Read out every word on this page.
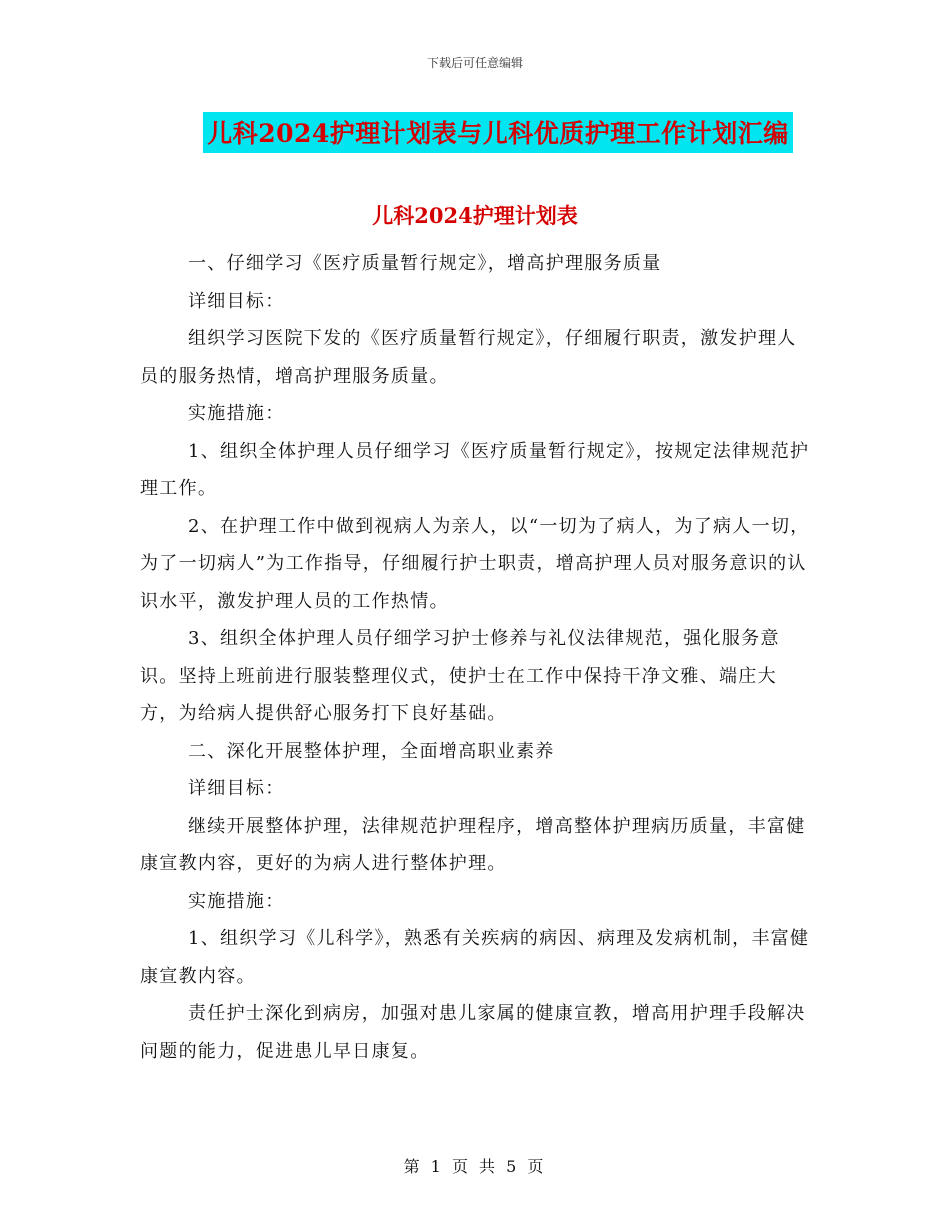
下载后可任意编辑
儿科2024护理计划表与儿科优质护理工作计划汇编
儿科2024护理计划表

一、仔细学习《医疗质量暂行规定》，增高护理服务质量

详细目标：

组织学习医院下发的《医疗质量暂行规定》，仔细履行职责，激发护理人员的服务热情，增高护理服务质量。

实施措施：

1、组织全体护理人员仔细学习《医疗质量暂行规定》，按规定法律规范护理工作。

2、在护理工作中做到视病人为亲人，以“一切为了病人，为了病人一切，为了一切病人”为工作指导，仔细履行护士职责，增高护理人员对服务意识的认识水平，激发护理人员的工作热情。

3、组织全体护理人员仔细学习护士修养与礼仪法律规范，强化服务意识。坚持上班前进行服装整理仪式，使护士在工作中保持干净文雅、端庄大方，为给病人提供舒心服务打下良好基础。

二、深化开展整体护理，全面增高职业素养

详细目标：

继续开展整体护理，法律规范护理程序，增高整体护理病历质量，丰富健康宣教内容，更好的为病人进行整体护理。

实施措施：

1、组织学习《儿科学》，熟悉有关疾病的病因、病理及发病机制，丰富健康宣教内容。

责任护士深化到病房，加强对患儿家属的健康宣教，增高用护理手段解决问题的能力，促进患儿早日康复。

第 1 页 共 5 页
